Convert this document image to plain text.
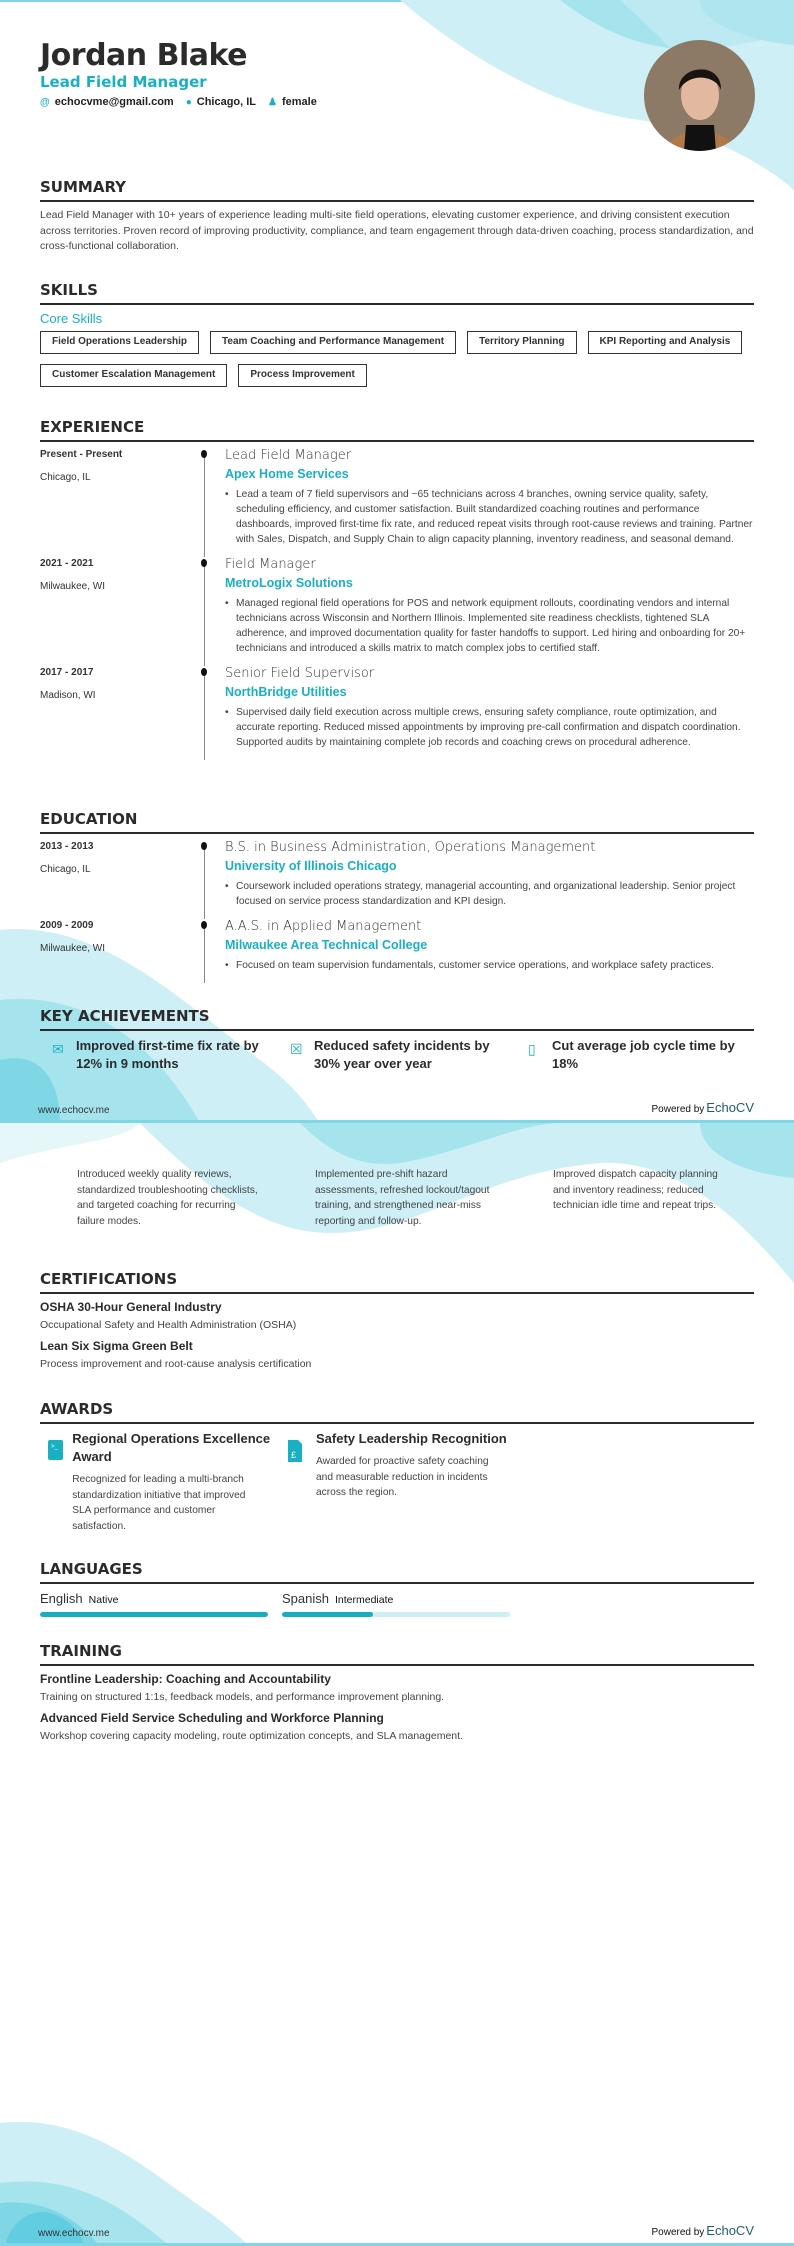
Jordan Blake
Lead Field Manager
@ echocvme@gmail.com ● Chicago, IL ♟ female
SUMMARY
Lead Field Manager with 10+ years of experience leading multi-site field operations, elevating customer experience, and driving consistent execution across territories. Proven record of improving productivity, compliance, and team engagement through data-driven coaching, process standardization, and cross-functional collaboration.
SKILLS
Core Skills
Field Operations Leadership	Team Coaching and Performance Management	Territory Planning	KPI Reporting and Analysis
Customer Escalation Management	Process Improvement
EXPERIENCE
Present - Present
Chicago, IL
Lead Field Manager
Apex Home Services
• Lead a team of 7 field supervisors and ~65 technicians across 4 branches, owning service quality, safety, scheduling efficiency, and customer satisfaction. Built standardized coaching routines and performance dashboards, improved first-time fix rate, and reduced repeat visits through root-cause reviews and training. Partner with Sales, Dispatch, and Supply Chain to align capacity planning, inventory readiness, and seasonal demand.
2021 - 2021
Milwaukee, WI
Field Manager
MetroLogix Solutions
• Managed regional field operations for POS and network equipment rollouts, coordinating vendors and internal technicians across Wisconsin and Northern Illinois. Implemented site readiness checklists, tightened SLA adherence, and improved documentation quality for faster handoffs to support. Led hiring and onboarding for 20+ technicians and introduced a skills matrix to match complex jobs to certified staff.
2017 - 2017
Madison, WI
Senior Field Supervisor
NorthBridge Utilities
• Supervised daily field execution across multiple crews, ensuring safety compliance, route optimization, and accurate reporting. Reduced missed appointments by improving pre-call confirmation and dispatch coordination. Supported audits by maintaining complete job records and coaching crews on procedural adherence.
EDUCATION
2013 - 2013
Chicago, IL
B.S. in Business Administration, Operations Management
University of Illinois Chicago
• Coursework included operations strategy, managerial accounting, and organizational leadership. Senior project focused on service process standardization and KPI design.
2009 - 2009
Milwaukee, WI
A.A.S. in Applied Management
Milwaukee Area Technical College
• Focused on team supervision fundamentals, customer service operations, and workplace safety practices.
KEY ACHIEVEMENTS
✉ Improved first-time fix rate by 12% in 9 months
☒ Reduced safety incidents by 30% year over year
▯	Cut average job cycle time by 18%
www.echocv.me	Powered by EchoCV
Introduced weekly quality reviews, standardized troubleshooting checklists, and targeted coaching for recurring failure modes.
Implemented pre-shift hazard assessments, refreshed lockout/tagout training, and strengthened near-miss reporting and follow-up.
Improved dispatch capacity planning and inventory readiness; reduced technician idle time and repeat trips.
CERTIFICATIONS
OSHA 30-Hour General Industry
Occupational Safety and Health Administration (OSHA)
Lean Six Sigma Green Belt
Process improvement and root-cause analysis certification
AWARDS
>_
Regional Operations Excellence Award
Recognized for leading a multi-branch standardization initiative that improved SLA performance and customer satisfaction.
£
Safety Leadership Recognition
Awarded for proactive safety coaching and measurable reduction in incidents across the region.
LANGUAGES
English Native	Spanish Intermediate
TRAINING
Frontline Leadership: Coaching and Accountability
Training on structured 1:1s, feedback models, and performance improvement planning.
Advanced Field Service Scheduling and Workforce Planning
Workshop covering capacity modeling, route optimization concepts, and SLA management.
www.echocv.me	Powered by EchoCV
